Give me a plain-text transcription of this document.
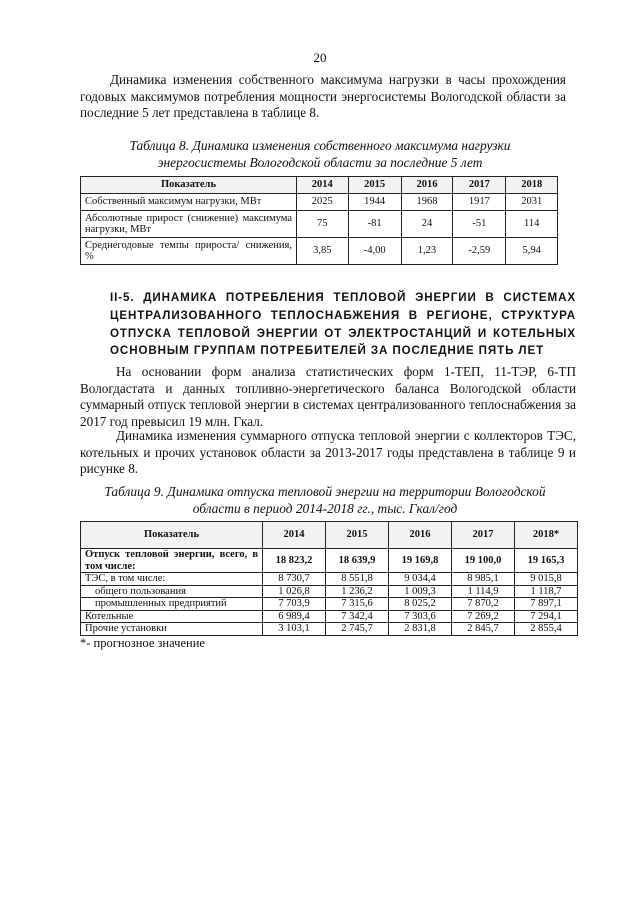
20

Динамика изменения собственного максимума нагрузки в часы прохождения годовых максимумов потребления мощности энергосистемы Вологодской области за последние 5 лет представлена в таблице 8.

Таблица 8. Динамика изменения собственного максимума нагрузки энергосистемы Вологодской области за последние 5 лет

Показатель	2014	2015	2016	2017	2018
Собственный максимум нагрузки, МВт	2025	1944	1968	1917	2031
Абсолютные прирост (снижение) максимума нагрузки, МВт	75	-81	24	-51	114
Среднегодовые темпы прироста/ снижения, %	3,85	-4,00	1,23	-2,59	5,94

II-5. ДИНАМИКА ПОТРЕБЛЕНИЯ ТЕПЛОВОЙ ЭНЕРГИИ В СИСТЕМАХ ЦЕНТРАЛИЗОВАННОГО ТЕПЛОСНАБЖЕНИЯ В РЕГИОНЕ, СТРУКТУРА ОТПУСКА ТЕПЛОВОЙ ЭНЕРГИИ ОТ ЭЛЕКТРОСТАНЦИЙ И КОТЕЛЬНЫХ ОСНОВНЫМ ГРУППАМ ПОТРЕБИТЕЛЕЙ ЗА ПОСЛЕДНИЕ ПЯТЬ ЛЕТ

На основании форм анализа статистических форм 1-ТЕП, 11-ТЭР, 6-ТП Вологдастата и данных топливно-энергетического баланса Вологодской области суммарный отпуск тепловой энергии в системах централизованного теплоснабжения за 2017 год превысил 19 млн. Гкал.

Динамика изменения суммарного отпуска тепловой энергии с коллекторов ТЭС, котельных и прочих установок области за 2013-2017 годы представлена в таблице 9 и рисунке 8.

Таблица 9. Динамика отпуска тепловой энергии на территории Вологодской области в период 2014-2018 гг., тыс. Гкал/год

Показатель	2014	2015	2016	2017	2018*
Отпуск тепловой энергии, всего, в том числе:	18 823,2	18 639,9	19 169,8	19 100,0	19 165,3
ТЭС, в том числе:	8 730,7	8 551,8	9 034,4	8 985,1	9 015,8
общего пользования	1 026,8	1 236,2	1 009,3	1 114,9	1 118,7
промышленных предприятий	7 703,9	7 315,6	8 025,2	7 870,2	7 897,1
Котельные	6 989,4	7 342,4	7 303,6	7 269,2	7 294,1
Прочие установки	3 103,1	2 745,7	2 831,8	2 845,7	2 855,4
*- прогнозное значение
